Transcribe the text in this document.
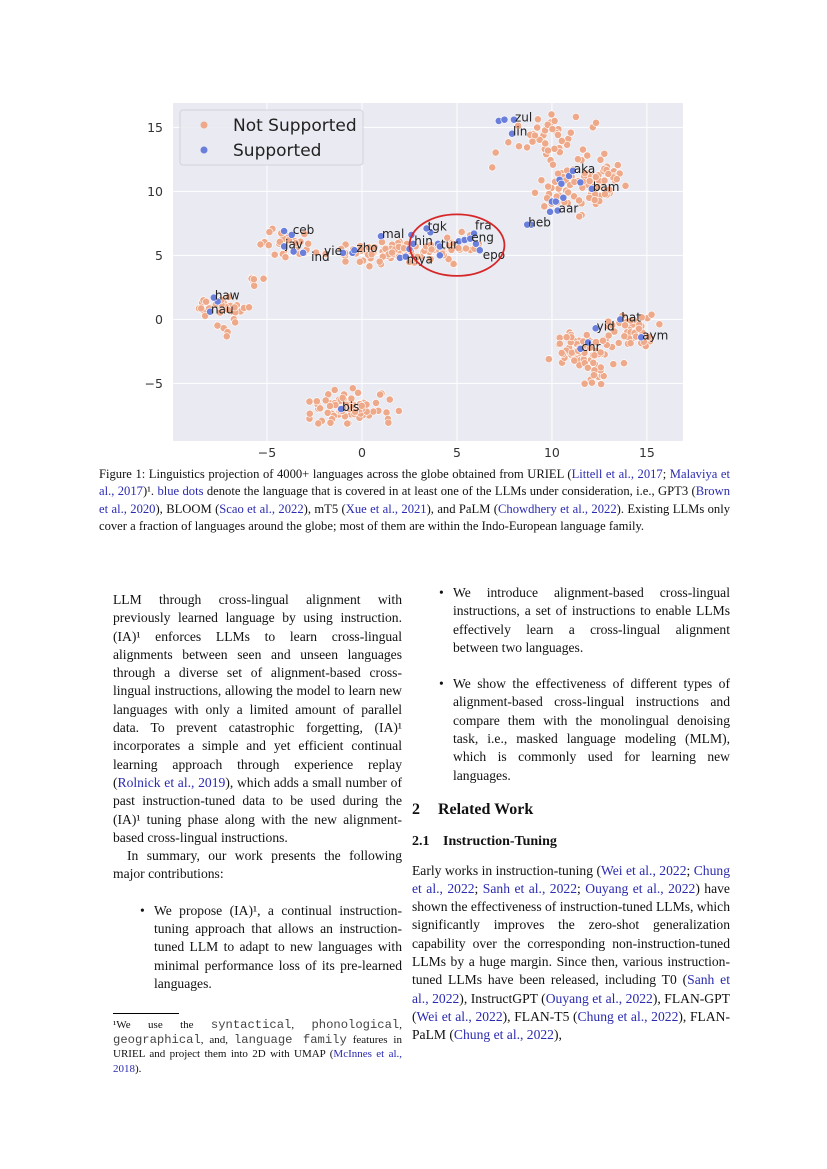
−5	0	5	10	15
15
10
5
0
−5
zul
lin
aka
bam
aar
heb
tgk fra
eng
epo
mal hin tur
mya
zho
vie
ceb
jav
ind
haw
nau
bis
hat
yid
aym
chr
Not Supported
Supported
Figure 1: Linguistics projection of 4000+ languages across the globe obtained from URIEL (Littell et al., 2017; Malaviya et al., 2017)¹. blue dots denote the language that is covered in at least one of the LLMs under consideration, i.e., GPT3 (Brown et al., 2020), BLOOM (Scao et al., 2022), mT5 (Xue et al., 2021), and PaLM (Chowdhery et al., 2022). Existing LLMs only cover a fraction of languages around the globe; most of them are within the Indo-European language family.

LLM through cross-lingual alignment with previously learned language by using instruction. (IA)¹ enforces LLMs to learn cross-lingual alignments between seen and unseen languages through a diverse set of alignment-based cross-lingual instructions, allowing the model to learn new languages with only a limited amount of parallel data. To prevent catastrophic forgetting, (IA)¹ incorporates a simple and yet efficient continual learning approach through experience replay (Rolnick et al., 2019), which adds a small number of past instruction-tuned data to be used during the (IA)¹ tuning phase along with the new alignment-based cross-lingual instructions.

In summary, our work presents the following major contributions:

• We propose (IA)¹, a continual instruction-tuning approach that allows an instruction-tuned LLM to adapt to new languages with minimal performance loss of its pre-learned languages.
¹We use the syntactical, phonological, geographical, and, language family features in URIEL and project them into 2D with UMAP (McInnes et al., 2018).
• We introduce alignment-based cross-lingual instructions, a set of instructions to enable LLMs effectively learn a cross-lingual alignment between two languages.
• We show the effectiveness of different types of alignment-based cross-lingual instructions and compare them with the monolingual denoising task, i.e., masked language modeling (MLM), which is commonly used for learning new languages.

2 Related Work

2.1 Instruction-Tuning

Early works in instruction-tuning (Wei et al., 2022; Chung et al., 2022; Sanh et al., 2022; Ouyang et al., 2022) have shown the effectiveness of instruction-tuned LLMs, which significantly improves the zero-shot generalization capability over the corresponding non-instruction-tuned LLMs by a huge margin. Since then, various instruction-tuned LLMs have been released, including T0 (Sanh et al., 2022), InstructGPT (Ouyang et al., 2022), FLAN-GPT (Wei et al., 2022), FLAN-T5 (Chung et al., 2022), FLAN-PaLM (Chung et al., 2022),
